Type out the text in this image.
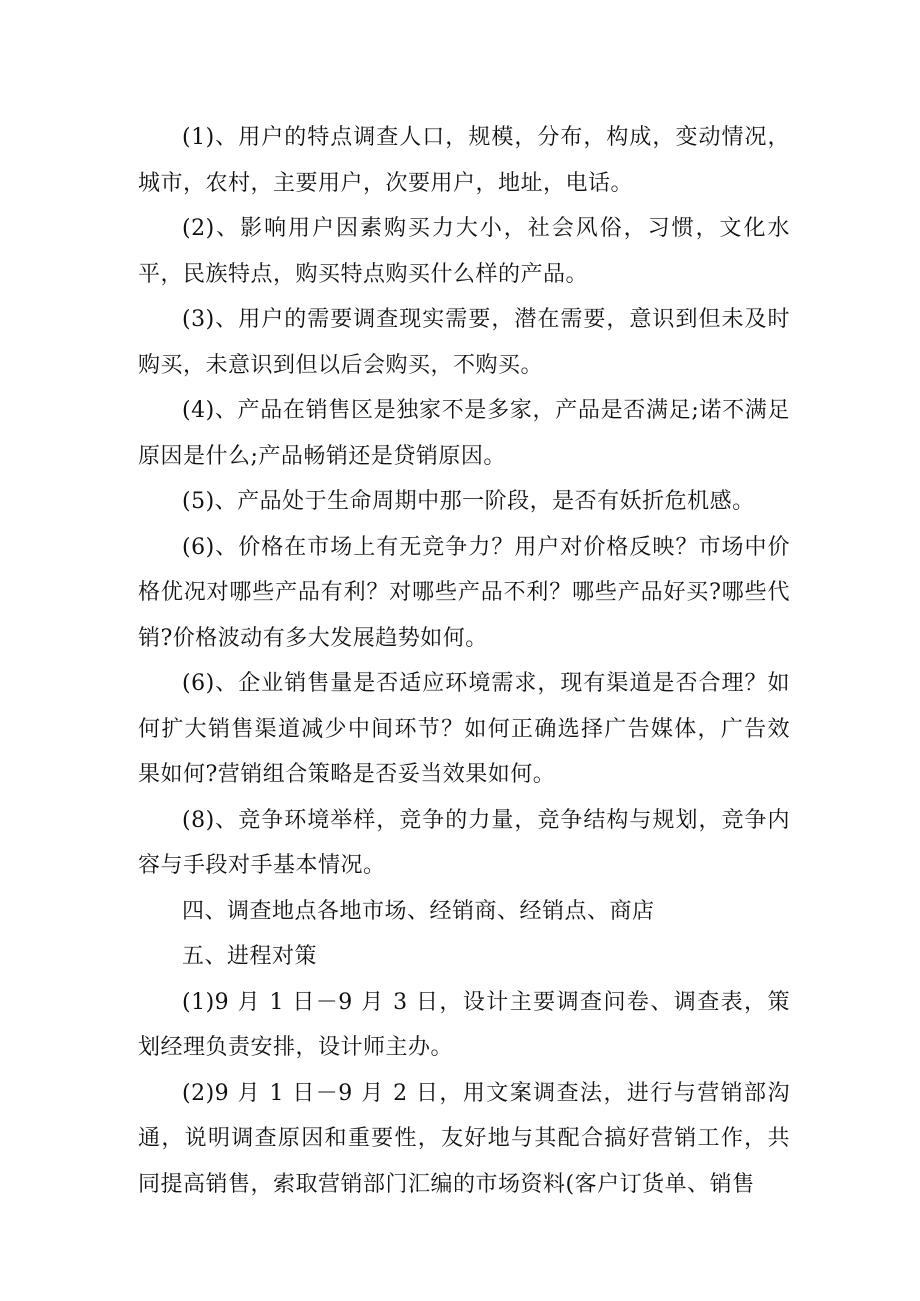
(1)、用户的特点调查人口，规模，分布，构成，变动情况，城市，农村，主要用户，次要用户，地址，电话。

(2)、影响用户因素购买力大小，社会风俗，习惯，文化水平，民族特点，购买特点购买什么样的产品。

(3)、用户的需要调查现实需要，潜在需要，意识到但未及时购买，未意识到但以后会购买，不购买。

(4)、产品在销售区是独家不是多家，产品是否满足;诺不满足原因是什么;产品畅销还是贷销原因。

(5)、产品处于生命周期中那一阶段，是否有妖折危机感。

(6)、价格在市场上有无竞争力？用户对价格反映？市场中价格优况对哪些产品有利？对哪些产品不利？哪些产品好买?哪些代销?价格波动有多大发展趋势如何。

(6)、企业销售量是否适应环境需求，现有渠道是否合理？如何扩大销售渠道减少中间环节？如何正确选择广告媒体，广告效果如何?营销组合策略是否妥当效果如何。

(8)、竞争环境举样，竞争的力量，竞争结构与规划，竞争内容与手段对手基本情况。

四、调查地点各地市场、经销商、经销点、商店

五、进程对策

(1)9 月 1 日－9 月 3 日，设计主要调查问卷、调查表，策划经理负责安排，设计师主办。

(2)9 月 1 日－9 月 2 日，用文案调查法，进行与营销部沟通，说明调查原因和重要性，友好地与其配合搞好营销工作，共同提高销售，索取营销部门汇编的市场资料(客户订货单、销售
